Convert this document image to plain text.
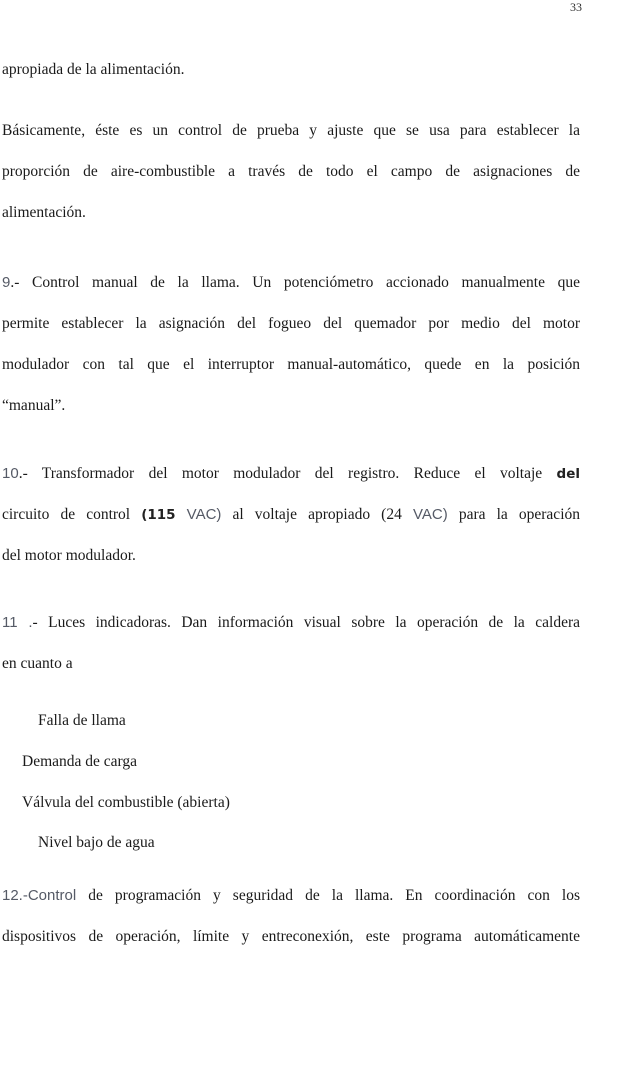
33
apropiada de la alimentación.
Básicamente, éste es un control de prueba y ajuste que se usa para establecer la
proporción de aire-combustible a través de todo el campo de asignaciones de
alimentación.
9.- Control manual de la llama. Un potenciómetro accionado manualmente que
permite establecer la asignación del fogueo del quemador por medio del motor
modulador con tal que el interruptor manual-automático, quede en la posición
“manual”.
10.- Transformador del motor modulador del registro. Reduce el voltaje del
circuito de control (115 VAC) al voltaje apropiado (24 VAC) para la operación
del motor modulador.
11 .- Luces indicadoras. Dan información visual sobre la operación de la caldera
en cuanto a
Falla de llama
Demanda de carga
Válvula del combustible (abierta)
Nivel bajo de agua
12.-Control de programación y seguridad de la llama. En coordinación con los
dispositivos de operación, límite y entreconexión, este programa automáticamente
